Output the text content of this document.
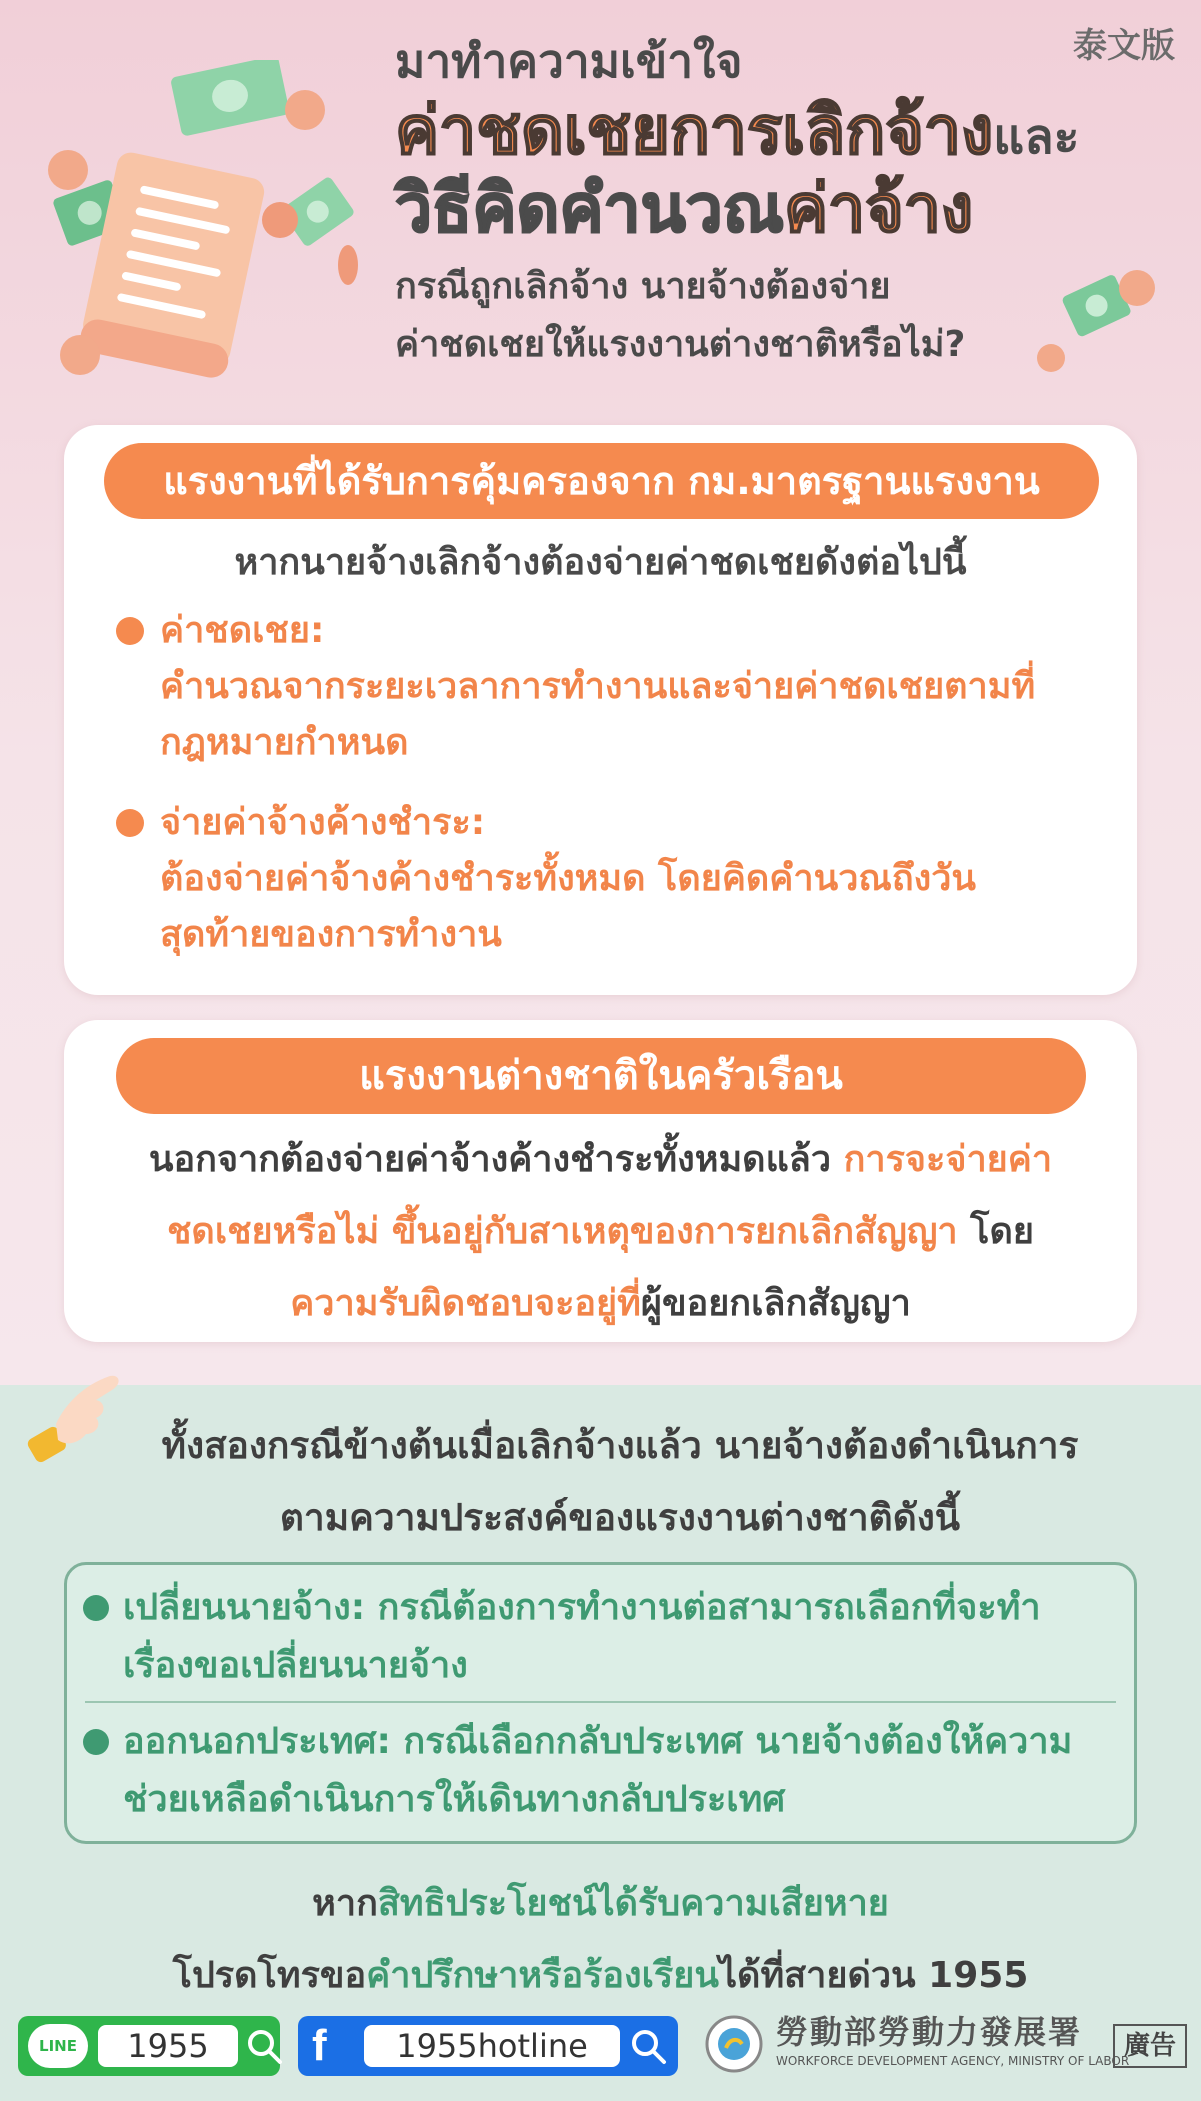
泰文版
มาทำความเข้าใจ
ค่าชดเชยการเลิกจ้างและ
วิธีคิดคำนวณค่าจ้าง
กรณีถูกเลิกจ้าง นายจ้างต้องจ่าย
ค่าชดเชยให้แรงงานต่างชาติหรือไม่?
แรงงานที่ได้รับการคุ้มครองจาก กม.มาตรฐานแรงงาน
หากนายจ้างเลิกจ้างต้องจ่ายค่าชดเชยดังต่อไปนี้
ค่าชดเชย:
คำนวณจากระยะเวลาการทำงานและจ่ายค่าชดเชยตามที่
กฎหมายกำหนด
จ่ายค่าจ้างค้างชำระ:
ต้องจ่ายค่าจ้างค้างชำระทั้งหมด โดยคิดคำนวณถึงวัน
สุดท้ายของการทำงาน
แรงงานต่างชาติในครัวเรือน
นอกจากต้องจ่ายค่าจ้างค้างชำระทั้งหมดแล้ว การจะจ่ายค่า
ชดเชยหรือไม่ ขึ้นอยู่กับสาเหตุของการยกเลิกสัญญา โดย
ความรับผิดชอบจะอยู่ที่ผู้ขอยกเลิกสัญญา
ทั้งสองกรณีข้างต้นเมื่อเลิกจ้างแล้ว นายจ้างต้องดำเนินการ
ตามความประสงค์ของแรงงานต่างชาติดังนี้
เปลี่ยนนายจ้าง: กรณีต้องการทำงานต่อสามารถเลือกที่จะทำ
เรื่องขอเปลี่ยนนายจ้าง
ออกนอกประเทศ: กรณีเลือกกลับประเทศ นายจ้างต้องให้ความ
ช่วยเหลือดำเนินการให้เดินทางกลับประเทศ
หากสิทธิประโยชน์ได้รับความเสียหาย
โปรดโทรขอคำปรึกษาหรือร้องเรียนได้ที่สายด่วน 1955
LINE	1955	f	1955hotline	勞動部勞動力發展署
WORKFORCE DEVELOPMENT AGENCY, MINISTRY OF LABOR
廣告
